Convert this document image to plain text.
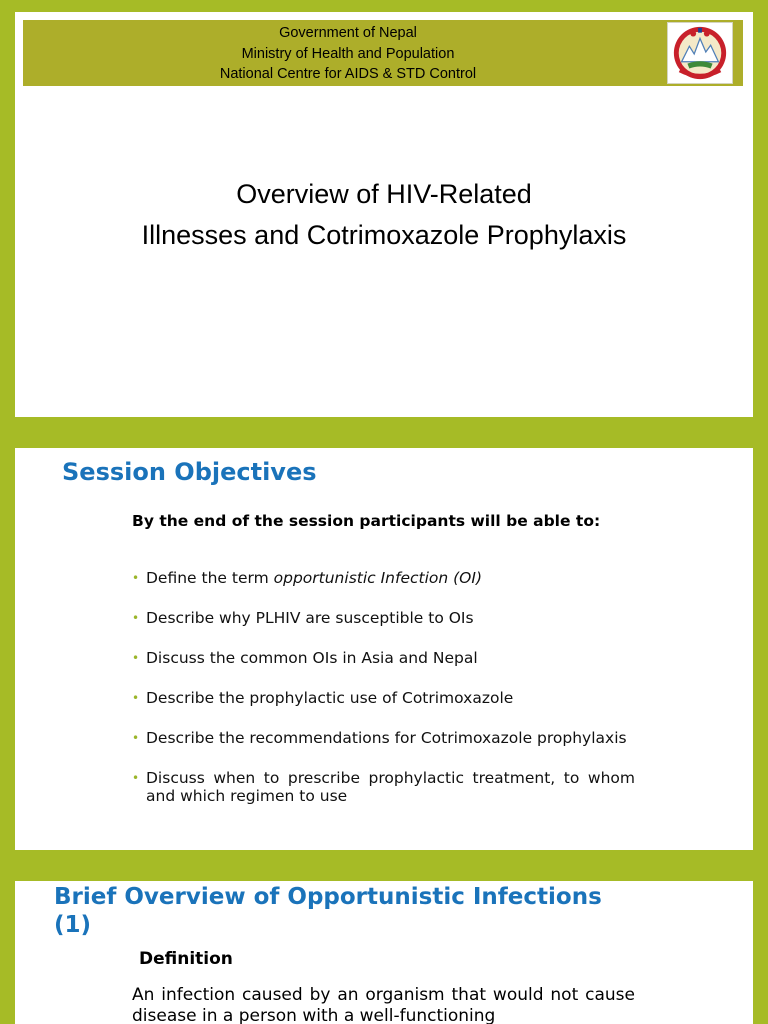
Government of Nepal
Ministry of Health and Population
National Centre for AIDS & STD Control
Overview of HIV-Related
Illnesses and Cotrimoxazole Prophylaxis
Session Objectives
By the end of the session participants will be able to:
• Define the term opportunistic Infection (OI)
• Describe why PLHIV are susceptible to OIs
• Discuss the common OIs in Asia and Nepal
• Describe the prophylactic use of Cotrimoxazole
• Describe the recommendations for Cotrimoxazole prophylaxis
• Discuss when to prescribe prophylactic treatment, to whom and which regimen to use
Brief Overview of Opportunistic Infections (1)
Definition
An infection caused by an organism that would not cause disease in a person with a well-functioning
